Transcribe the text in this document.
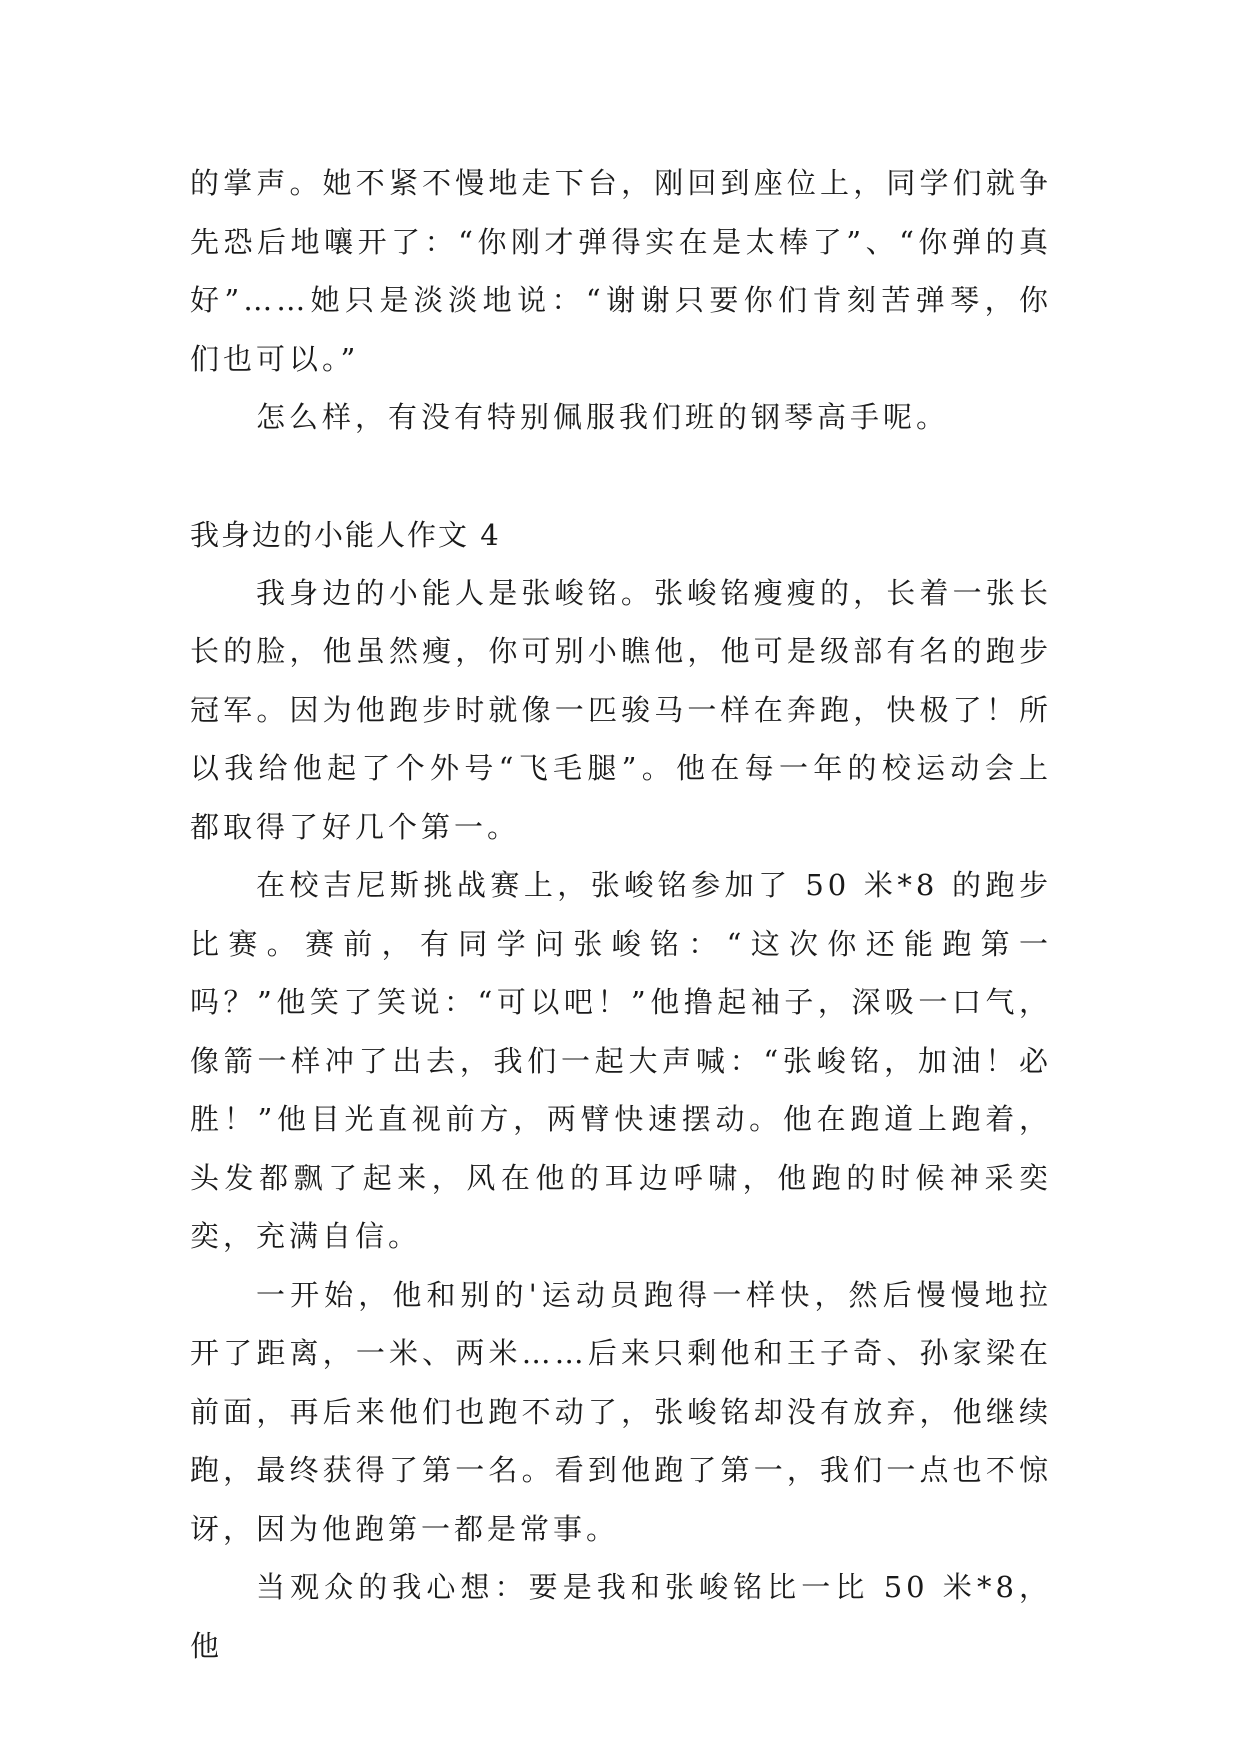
的掌声。她不紧不慢地走下台，刚回到座位上，同学们就争先恐后地嚷开了：“你刚才弹得实在是太棒了”、“你弹的真好”……她只是淡淡地说：“谢谢只要你们肯刻苦弹琴，你们也可以。”

怎么样，有没有特别佩服我们班的钢琴高手呢。

我身边的小能人作文 4

我身边的小能人是张峻铭。张峻铭瘦瘦的，长着一张长长的脸，他虽然瘦，你可别小瞧他，他可是级部有名的跑步冠军。因为他跑步时就像一匹骏马一样在奔跑，快极了！所以我给他起了个外号“飞毛腿”。他在每一年的校运动会上都取得了好几个第一。

在校吉尼斯挑战赛上，张峻铭参加了 50 米*8 的跑步比赛。赛前，有同学问张峻铭：“这次你还能跑第一吗？”他笑了笑说：“可以吧！”他撸起袖子，深吸一口气，像箭一样冲了出去，我们一起大声喊：“张峻铭，加油！必胜！”他目光直视前方，两臂快速摆动。他在跑道上跑着，头发都飘了起来，风在他的耳边呼啸，他跑的时候神采奕奕，充满自信。

一开始，他和别的'运动员跑得一样快，然后慢慢地拉开了距离，一米、两米……后来只剩他和王子奇、孙家梁在前面，再后来他们也跑不动了，张峻铭却没有放弃，他继续跑，最终获得了第一名。看到他跑了第一，我们一点也不惊讶，因为他跑第一都是常事。

当观众的我心想：要是我和张峻铭比一比 50 米*8，他
